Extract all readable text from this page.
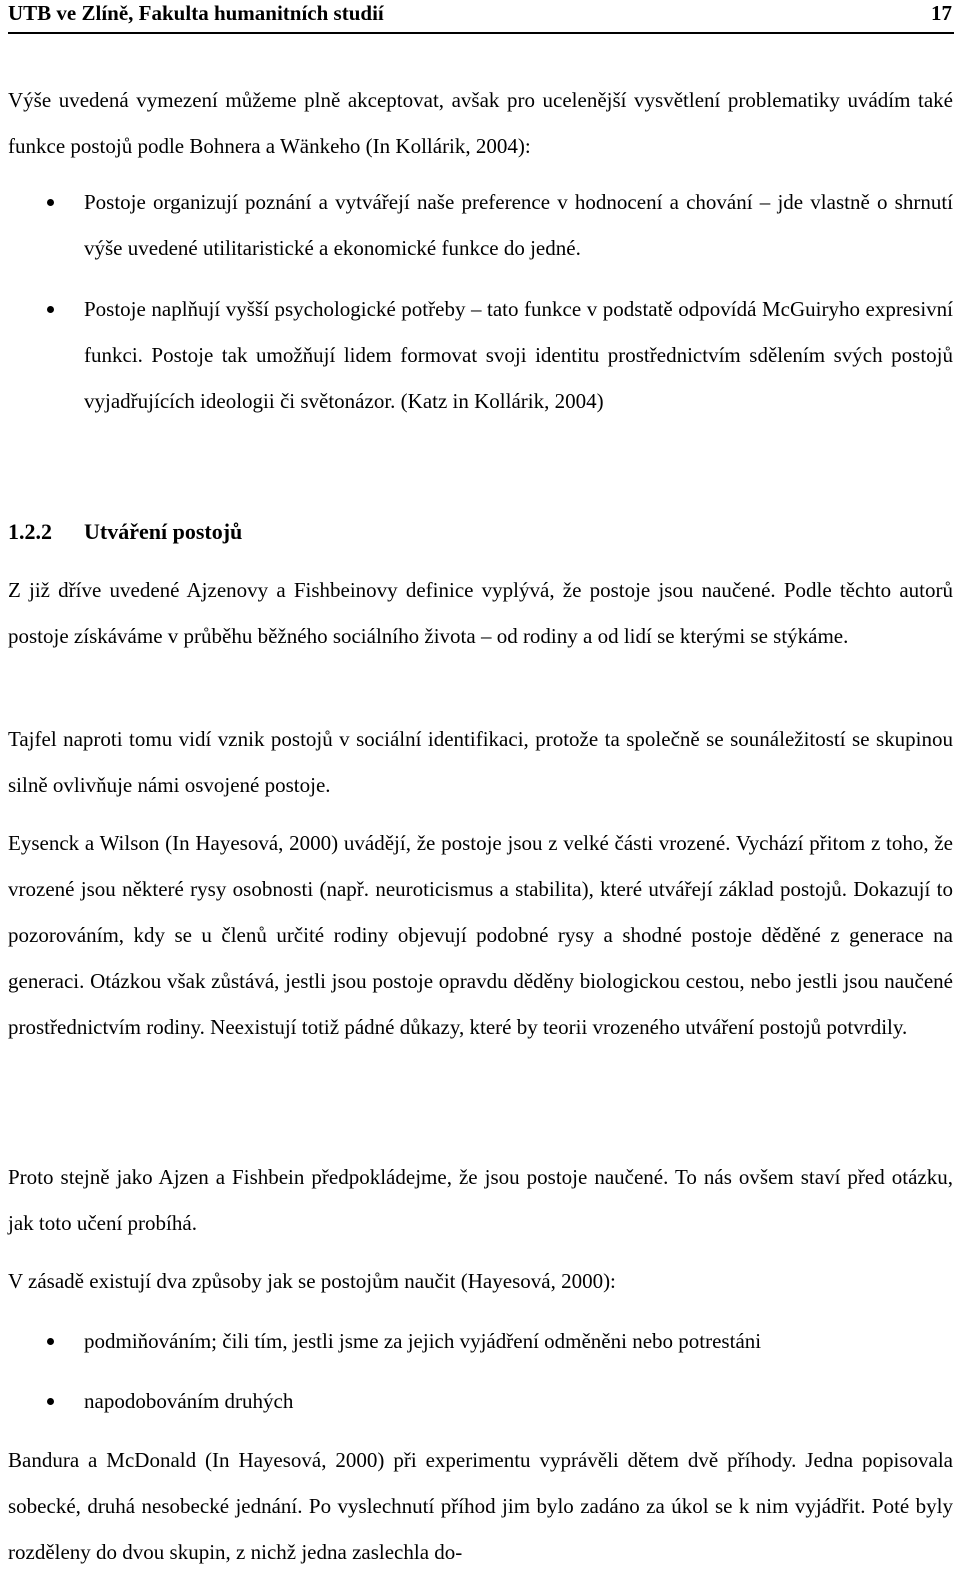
UTB ve Zlíně, Fakulta humanitních studií	17

Výše uvedená vymezení můžeme plně akceptovat, avšak pro ucelenější vysvětlení problematiky uvádím také funkce postojů podle Bohnera a Wänkeho (In Kollárik, 2004):

Postoje organizují poznání a vytvářejí naše preference v hodnocení a chování – jde vlastně o shrnutí výše uvedené utilitaristické a ekonomické funkce do jedné.

Postoje naplňují vyšší psychologické potřeby – tato funkce v podstatě odpovídá McGuiryho expresivní funkci. Postoje tak umožňují lidem formovat svoji identitu prostřednictvím sdělením svých postojů vyjadřujících ideologii či světonázor. (Katz in Kollárik, 2004)

1.2.2 Utváření postojů

Z již dříve uvedené Ajzenovy a Fishbeinovy definice vyplývá, že postoje jsou naučené. Podle těchto autorů postoje získáváme v průběhu běžného sociálního života – od rodiny a od lidí se kterými se stýkáme.

Tajfel naproti tomu vidí vznik postojů v sociální identifikaci, protože ta společně se sounáležitostí se skupinou silně ovlivňuje námi osvojené postoje.

Eysenck a Wilson (In Hayesová, 2000) uvádějí, že postoje jsou z velké části vrozené. Vychází přitom z toho, že vrozené jsou některé rysy osobnosti (např. neuroticismus a stabilita), které utvářejí základ postojů. Dokazují to pozorováním, kdy se u členů určité rodiny objevují podobné rysy a shodné postoje děděné z generace na generaci. Otázkou však zůstává, jestli jsou postoje opravdu děděny biologickou cestou, nebo jestli jsou naučené prostřednictvím rodiny. Neexistují totiž pádné důkazy, které by teorii vrozeného utváření postojů potvrdily.

Proto stejně jako Ajzen a Fishbein předpokládejme, že jsou postoje naučené. To nás ovšem staví před otázku, jak toto učení probíhá.

V zásadě existují dva způsoby jak se postojům naučit (Hayesová, 2000):

podmiňováním; čili tím, jestli jsme za jejich vyjádření odměněni nebo potrestáni

napodobováním druhých

Bandura a McDonald (In Hayesová, 2000) při experimentu vyprávěli dětem dvě příhody. Jedna popisovala sobecké, druhá nesobecké jednání. Po vyslechnutí příhod jim bylo zadáno za úkol se k nim vyjádřit. Poté byly rozděleny do dvou skupin, z nichž jedna zaslechla do-
